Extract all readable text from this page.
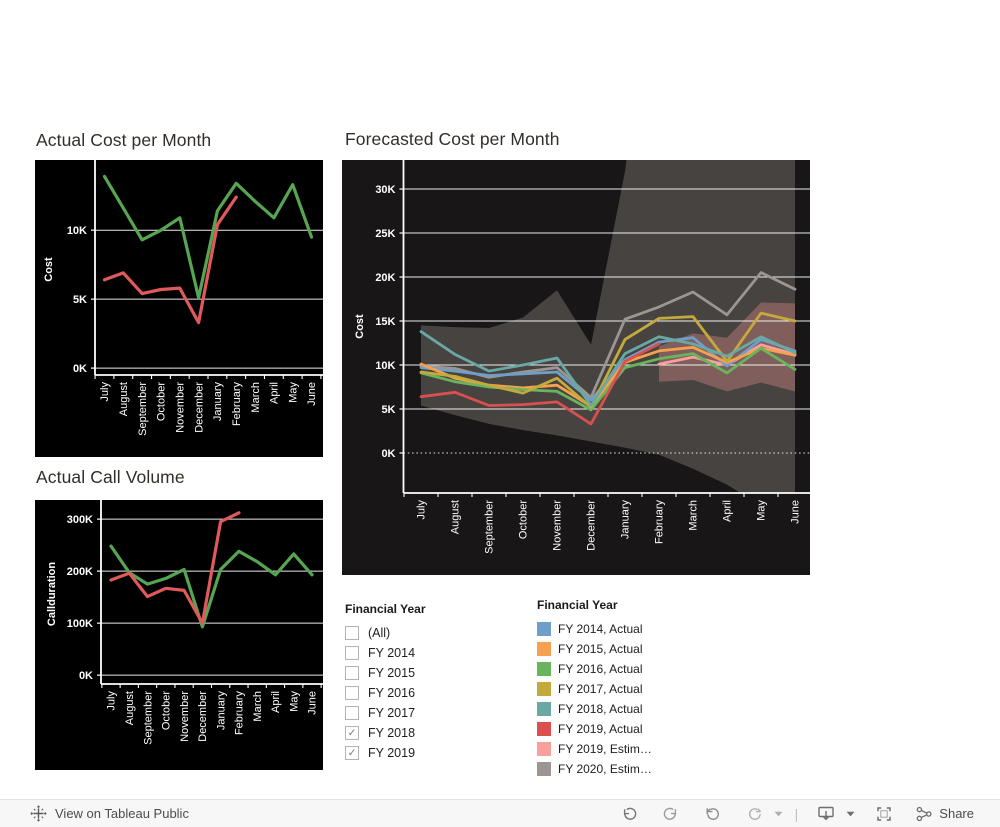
Actual Cost per Month
0K
5K
10K
July August September October November December January February March April May June
Cost
Forecasted Cost per Month
0K
5K
10K
15K
20K
25K
30K
July August September October November December January February March April May June
Cost
Actual Call Volume
0K
100K
200K
300K
July August September October November December January February March April May June
Callduration	Financial Year
(All)
FY 2014
FY 2015
FY 2016
FY 2017
✓ FY 2018
✓ FY 2019
Financial Year
FY 2014, Actual
FY 2015, Actual
FY 2016, Actual
FY 2017, Actual
FY 2018, Actual
FY 2019, Actual
FY 2019, Estim…
FY 2020, Estim…
View on Tableau Public	|	Share
